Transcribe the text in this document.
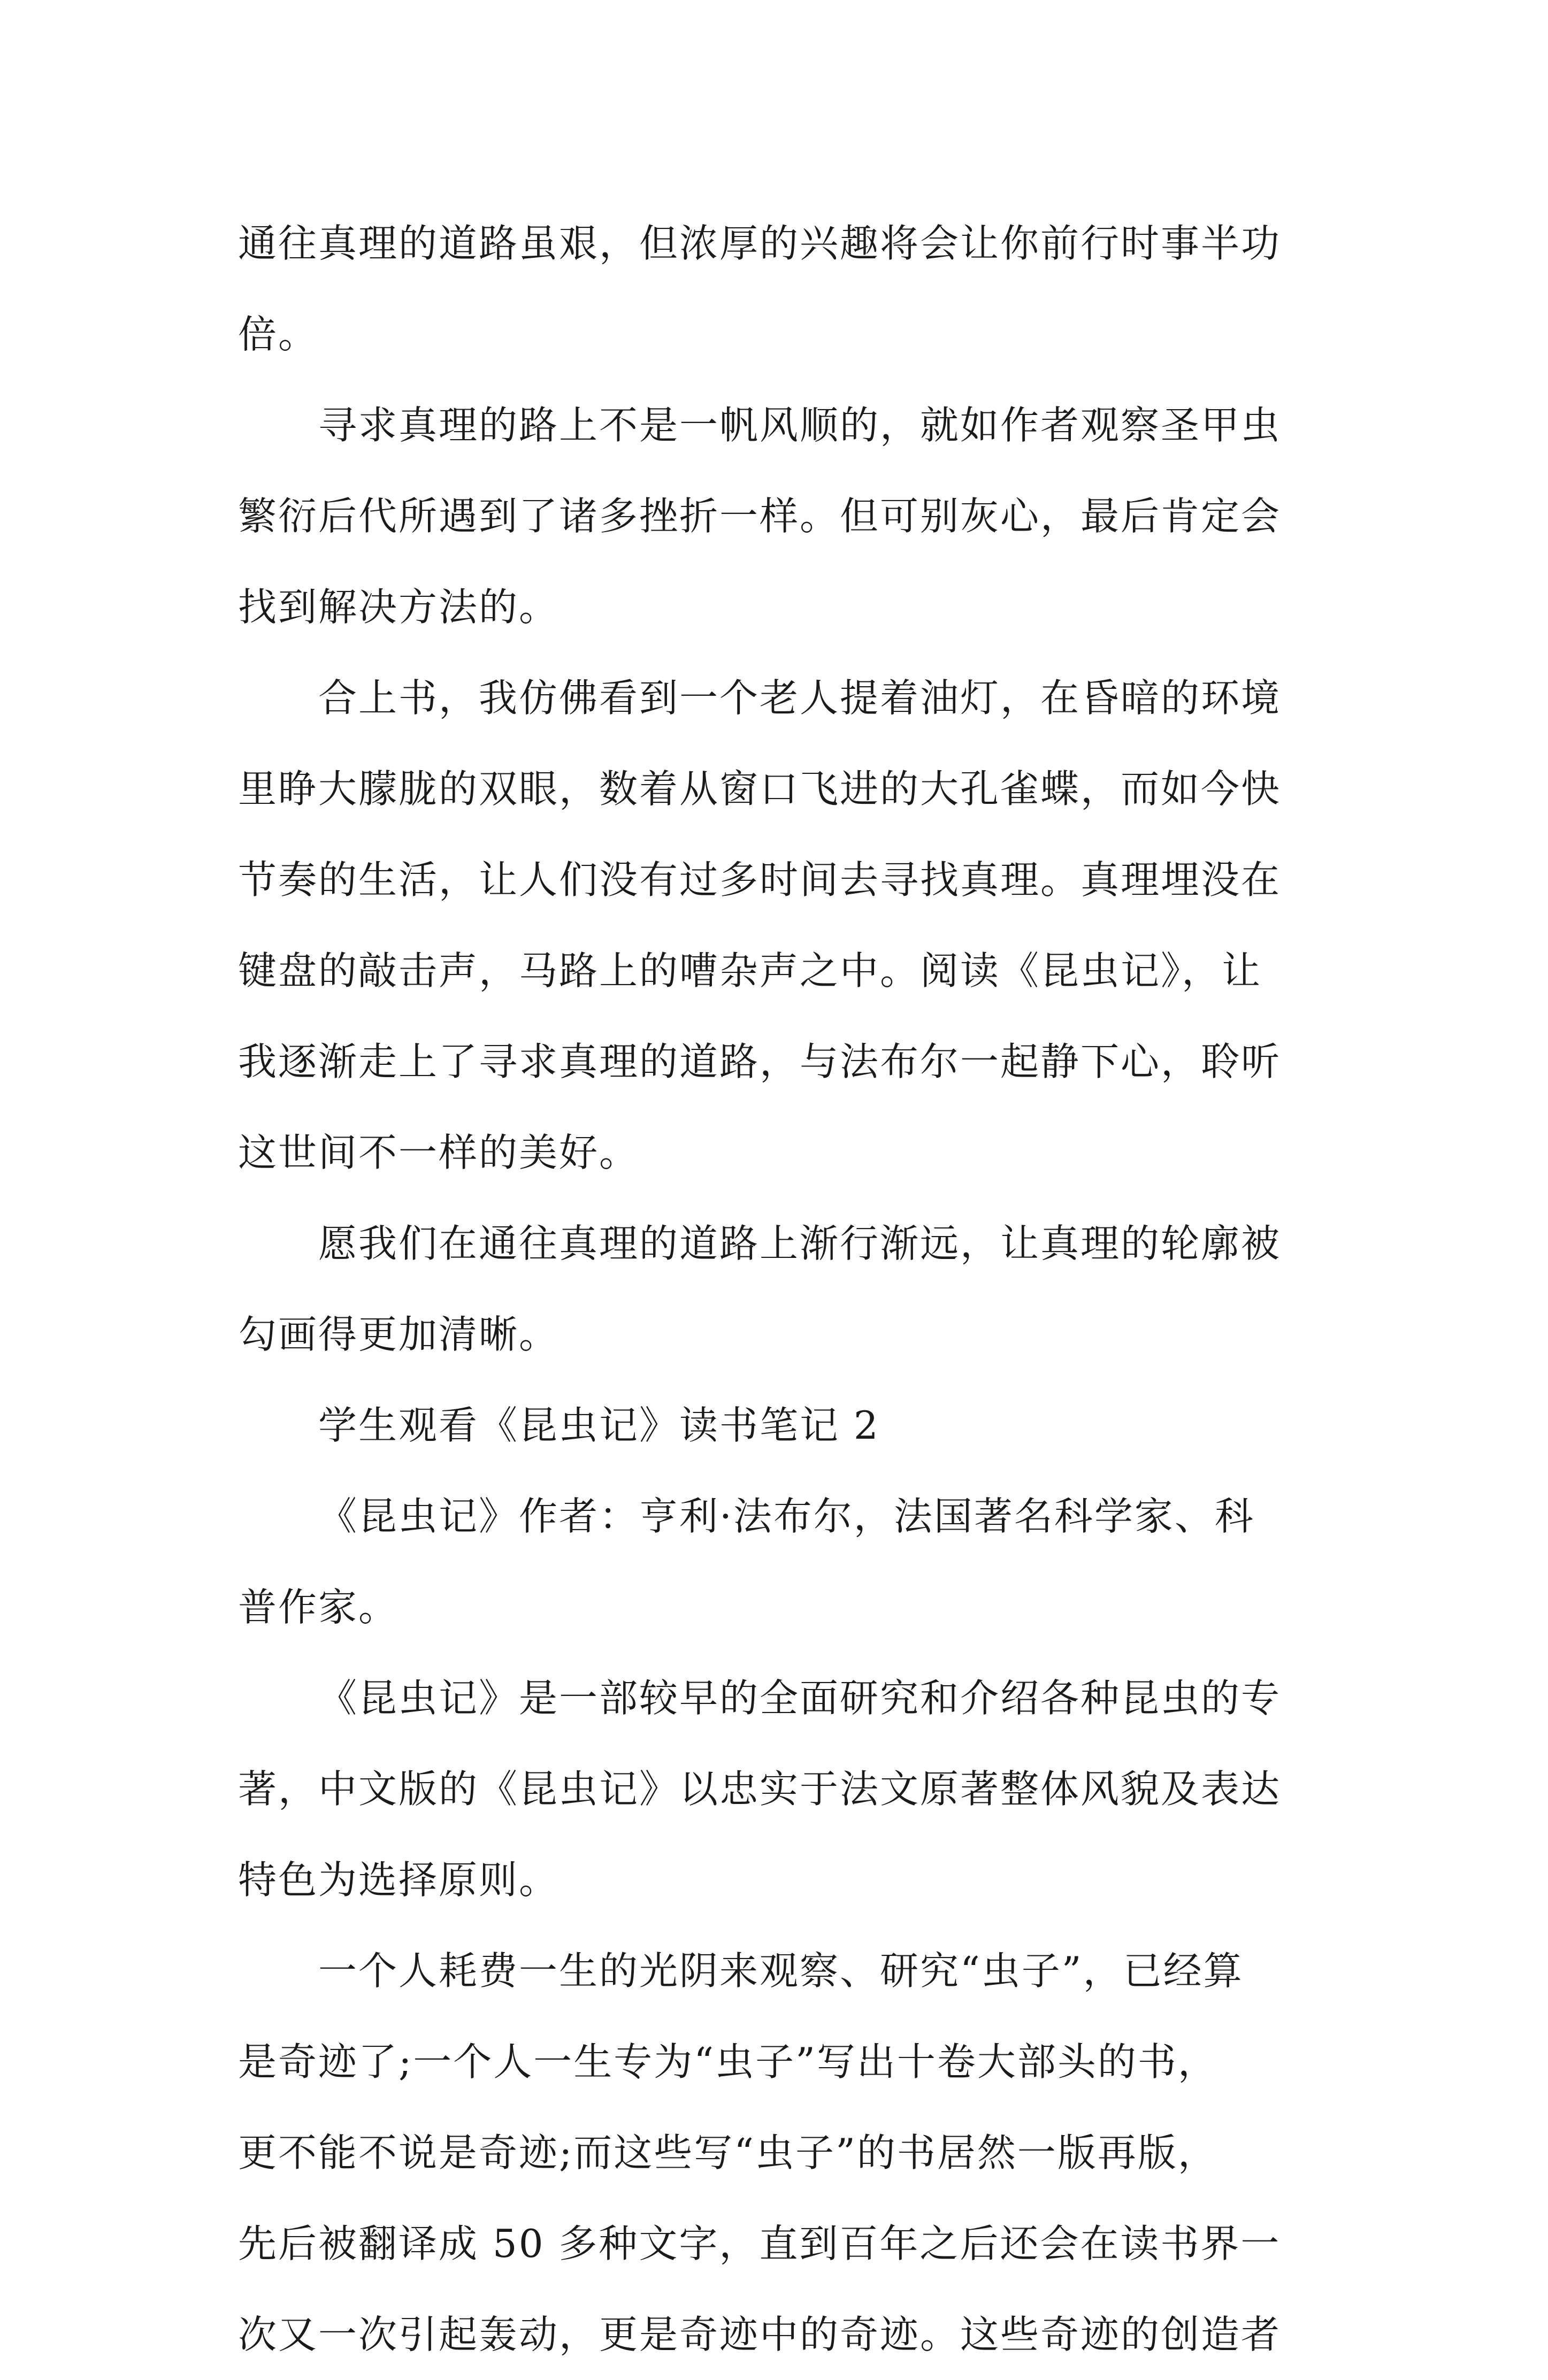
通往真理的道路虽艰，但浓厚的兴趣将会让你前行时事半功
倍。
寻求真理的路上不是一帆风顺的，就如作者观察圣甲虫
繁衍后代所遇到了诸多挫折一样。但可别灰心，最后肯定会
找到解决方法的。
合上书，我仿佛看到一个老人提着油灯，在昏暗的环境
里睁大朦胧的双眼，数着从窗口飞进的大孔雀蝶，而如今快
节奏的生活，让人们没有过多时间去寻找真理。真理埋没在
键盘的敲击声，马路上的嘈杂声之中。阅读《昆虫记》，让
我逐渐走上了寻求真理的道路，与法布尔一起静下心，聆听
这世间不一样的美好。
愿我们在通往真理的道路上渐行渐远，让真理的轮廓被
勾画得更加清晰。
学生观看《昆虫记》读书笔记 2
《昆虫记》作者：亨利·法布尔，法国著名科学家、科
普作家。
《昆虫记》是一部较早的全面研究和介绍各种昆虫的专
著，中文版的《昆虫记》以忠实于法文原著整体风貌及表达
特色为选择原则。
一个人耗费一生的光阴来观察、研究“虫子”，已经算
是奇迹了;一个人一生专为“虫子”写出十卷大部头的书，
更不能不说是奇迹;而这些写“虫子”的书居然一版再版，
先后被翻译成 50 多种文字，直到百年之后还会在读书界一
次又一次引起轰动，更是奇迹中的奇迹。这些奇迹的创造者
